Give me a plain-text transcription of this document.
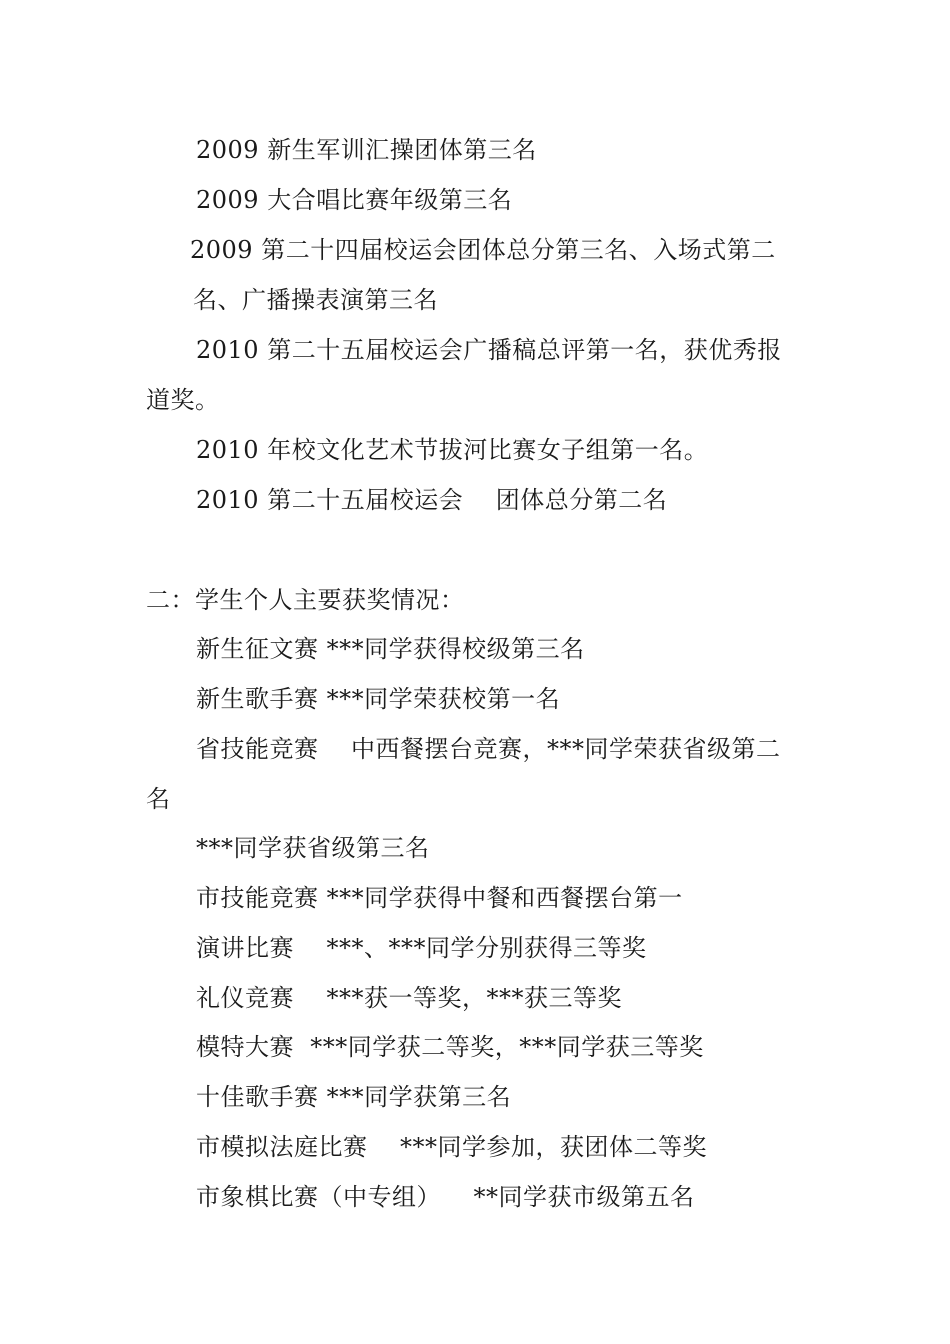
2009 新生军训汇操团体第三名

2009 大合唱比赛年级第三名

2009 第二十四届校运会团体总分第三名、入场式第二

名、广播操表演第三名

2010 第二十五届校运会广播稿总评第一名，获优秀报

道奖。

2010 年校文化艺术节拔河比赛女子组第一名。

2010 第二十五届校运会    团体总分第二名

二：学生个人主要获奖情况：

新生征文赛 ***同学获得校级第三名

新生歌手赛 ***同学荣获校第一名

省技能竞赛    中西餐摆台竞赛，***同学荣获省级第二

名

***同学获省级第三名

市技能竞赛 ***同学获得中餐和西餐摆台第一

演讲比赛    ***、***同学分别获得三等奖

礼仪竞赛    ***获一等奖，***获三等奖

模特大赛  ***同学获二等奖，***同学获三等奖

十佳歌手赛 ***同学获第三名

市模拟法庭比赛    ***同学参加，获团体二等奖

市象棋比赛（中专组）    **同学获市级第五名
